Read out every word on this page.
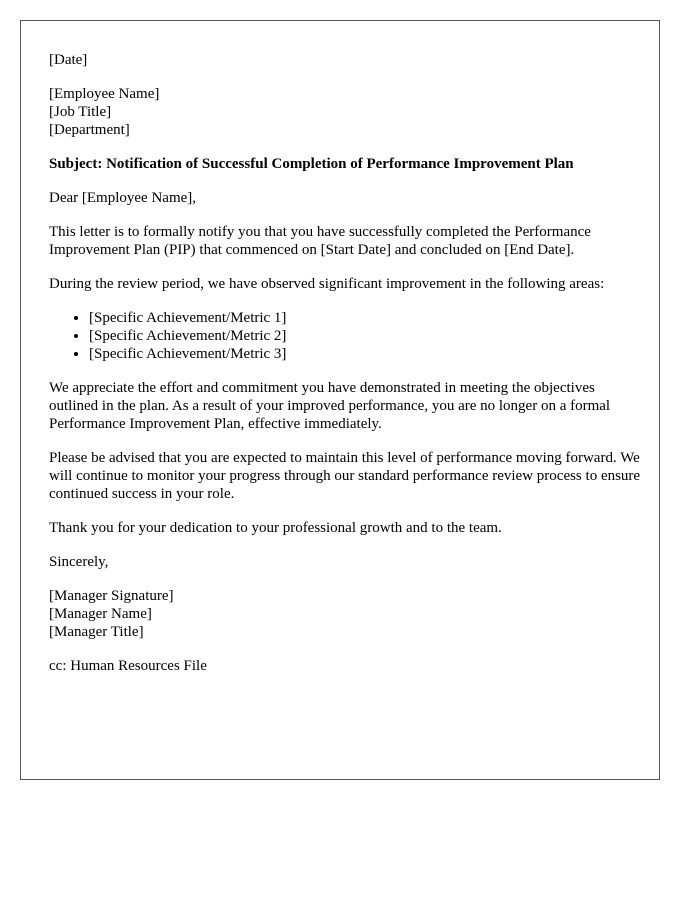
[Date]

[Employee Name]
[Job Title]
[Department]

Subject: Notification of Successful Completion of Performance Improvement Plan

Dear [Employee Name],

This letter is to formally notify you that you have successfully completed the Performance Improvement Plan (PIP) that commenced on [Start Date] and concluded on [End Date].

During the review period, we have observed significant improvement in the following areas:

• [Specific Achievement/Metric 1]
• [Specific Achievement/Metric 2]
• [Specific Achievement/Metric 3]

We appreciate the effort and commitment you have demonstrated in meeting the objectives outlined in the plan. As a result of your improved performance, you are no longer on a formal Performance Improvement Plan, effective immediately.

Please be advised that you are expected to maintain this level of performance moving forward. We will continue to monitor your progress through our standard performance review process to ensure continued success in your role.

Thank you for your dedication to your professional growth and to the team.

Sincerely,

[Manager Signature]
[Manager Name]
[Manager Title]

cc: Human Resources File
